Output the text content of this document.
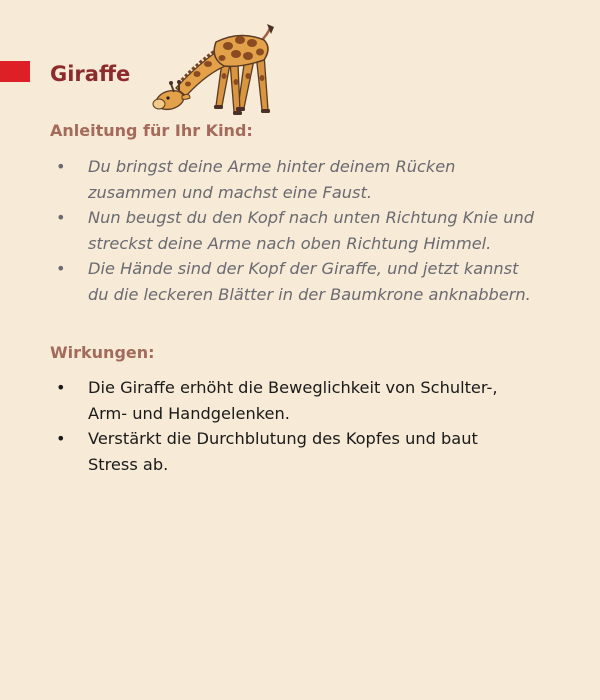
Giraffe
Anleitung für Ihr Kind:
• Du bringst deine Arme hinter deinem Rücken
zusammen und machst eine Faust.
• Nun beugst du den Kopf nach unten Richtung Knie und
streckst deine Arme nach oben Richtung Himmel.
• Die Hände sind der Kopf der Giraffe, und jetzt kannst
du die leckeren Blätter in der Baumkrone anknabbern.
Wirkungen:
• Die Giraffe erhöht die Beweglichkeit von Schulter-,
Arm- und Handgelenken.
• Verstärkt die Durchblutung des Kopfes und baut
Stress ab.
